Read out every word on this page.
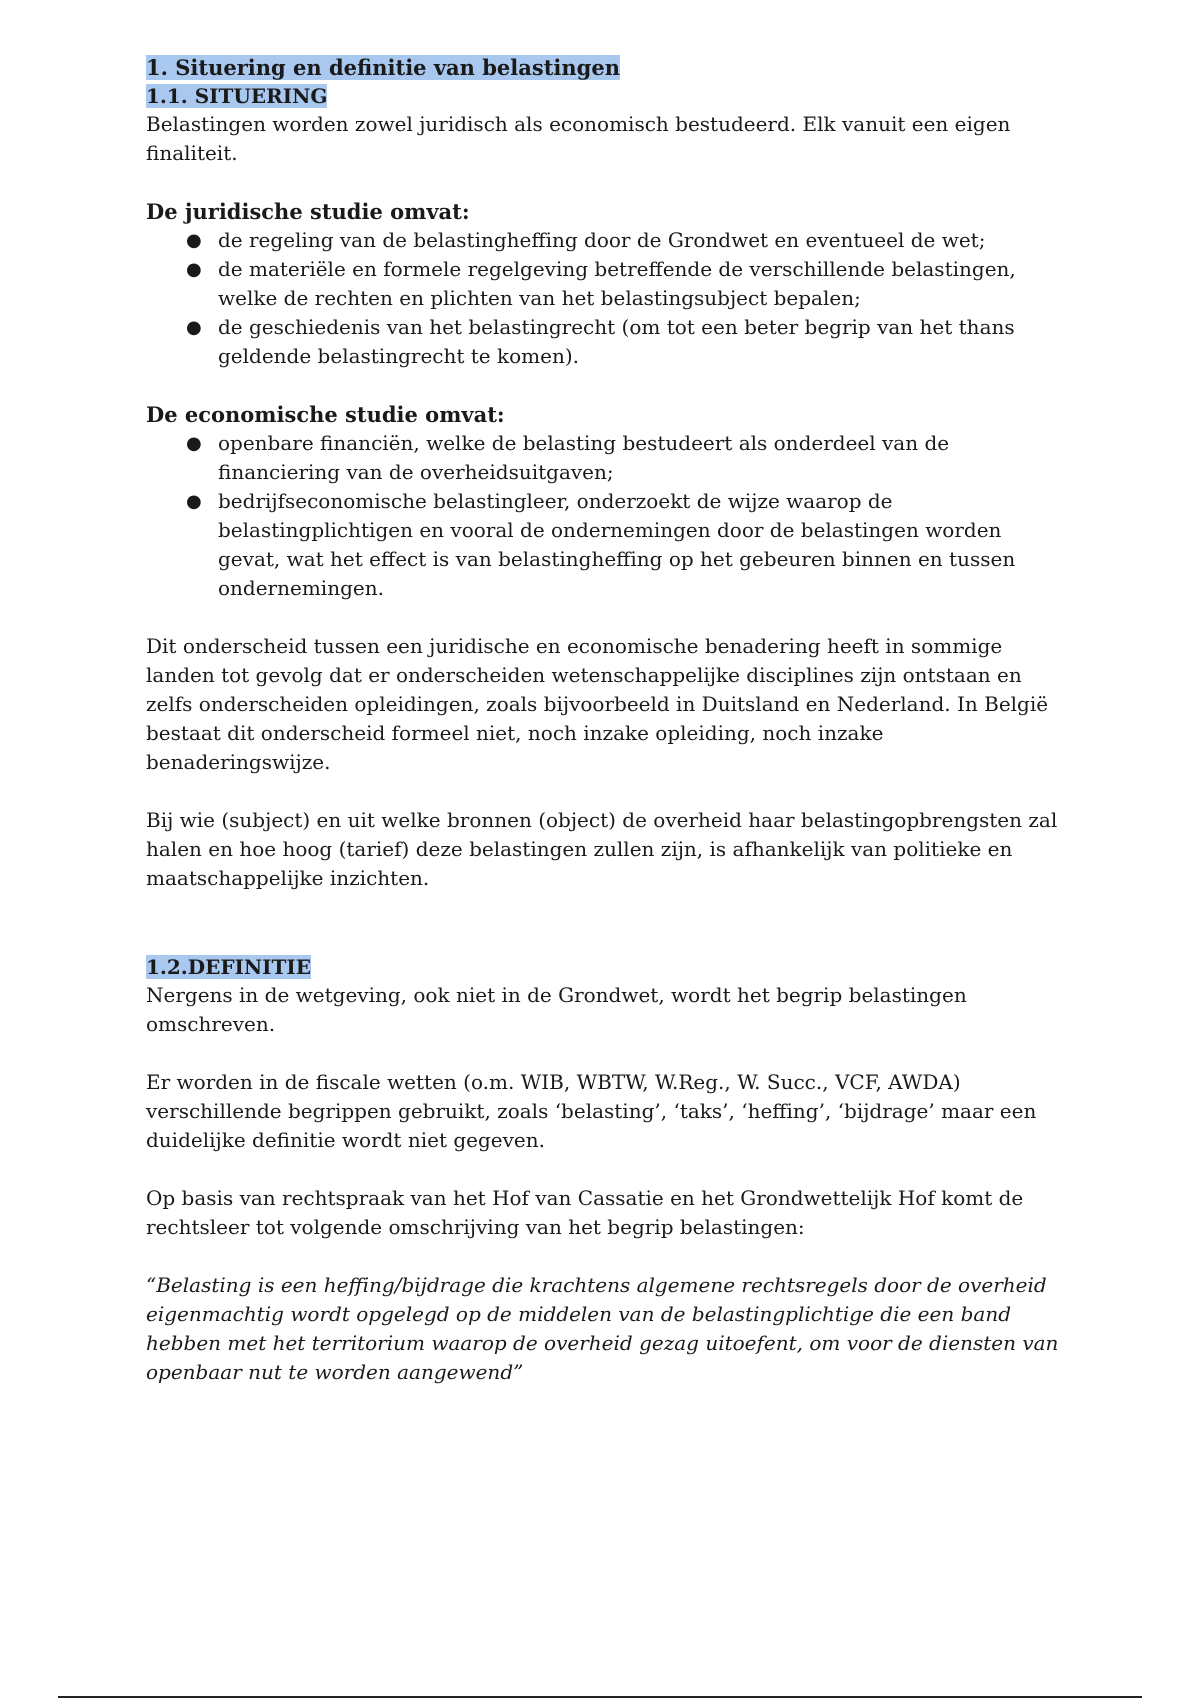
1. Situering en definitie van belastingen
1.1. SITUERING

Belastingen worden zowel juridisch als economisch bestudeerd. Elk vanuit een eigen finaliteit.

De juridische studie omvat:
● de regeling van de belastingheffing door de Grondwet en eventueel de wet;
● de materiële en formele regelgeving betreffende de verschillende belastingen, welke de rechten en plichten van het belastingsubject bepalen;
● de geschiedenis van het belastingrecht (om tot een beter begrip van het thans geldende belastingrecht te komen).
De economische studie omvat:
● openbare financiën, welke de belasting bestudeert als onderdeel van de financiering van de overheidsuitgaven;
● bedrijfseconomische belastingleer, onderzoekt de wijze waarop de belastingplichtigen en vooral de ondernemingen door de belastingen worden gevat, wat het effect is van belastingheffing op het gebeuren binnen en tussen ondernemingen.

Dit onderscheid tussen een juridische en economische benadering heeft in sommige landen tot gevolg dat er onderscheiden wetenschappelijke disciplines zijn ontstaan en zelfs onderscheiden opleidingen, zoals bijvoorbeeld in Duitsland en Nederland. In België bestaat dit onderscheid formeel niet, noch inzake opleiding, noch inzake benaderingswijze.

Bij wie (subject) en uit welke bronnen (object) de overheid haar belastingopbrengsten zal halen en hoe hoog (tarief) deze belastingen zullen zijn, is afhankelijk van politieke en maatschappelijke inzichten.

1.2.DEFINITIE

Nergens in de wetgeving, ook niet in de Grondwet, wordt het begrip belastingen omschreven.

Er worden in de fiscale wetten (o.m. WIB, WBTW, W.Reg., W. Succ., VCF, AWDA) verschillende begrippen gebruikt, zoals ‘belasting’, ‘taks’, ‘heffing’, ‘bijdrage’ maar een duidelijke definitie wordt niet gegeven.

Op basis van rechtspraak van het Hof van Cassatie en het Grondwettelijk Hof komt de rechtsleer tot volgende omschrijving van het begrip belastingen:

“Belasting is een heffing/bijdrage die krachtens algemene rechtsregels door de overheid eigenmachtig wordt opgelegd op de middelen van de belastingplichtige die een band hebben met het territorium waarop de overheid gezag uitoefent, om voor de diensten van openbaar nut te worden aangewend”
